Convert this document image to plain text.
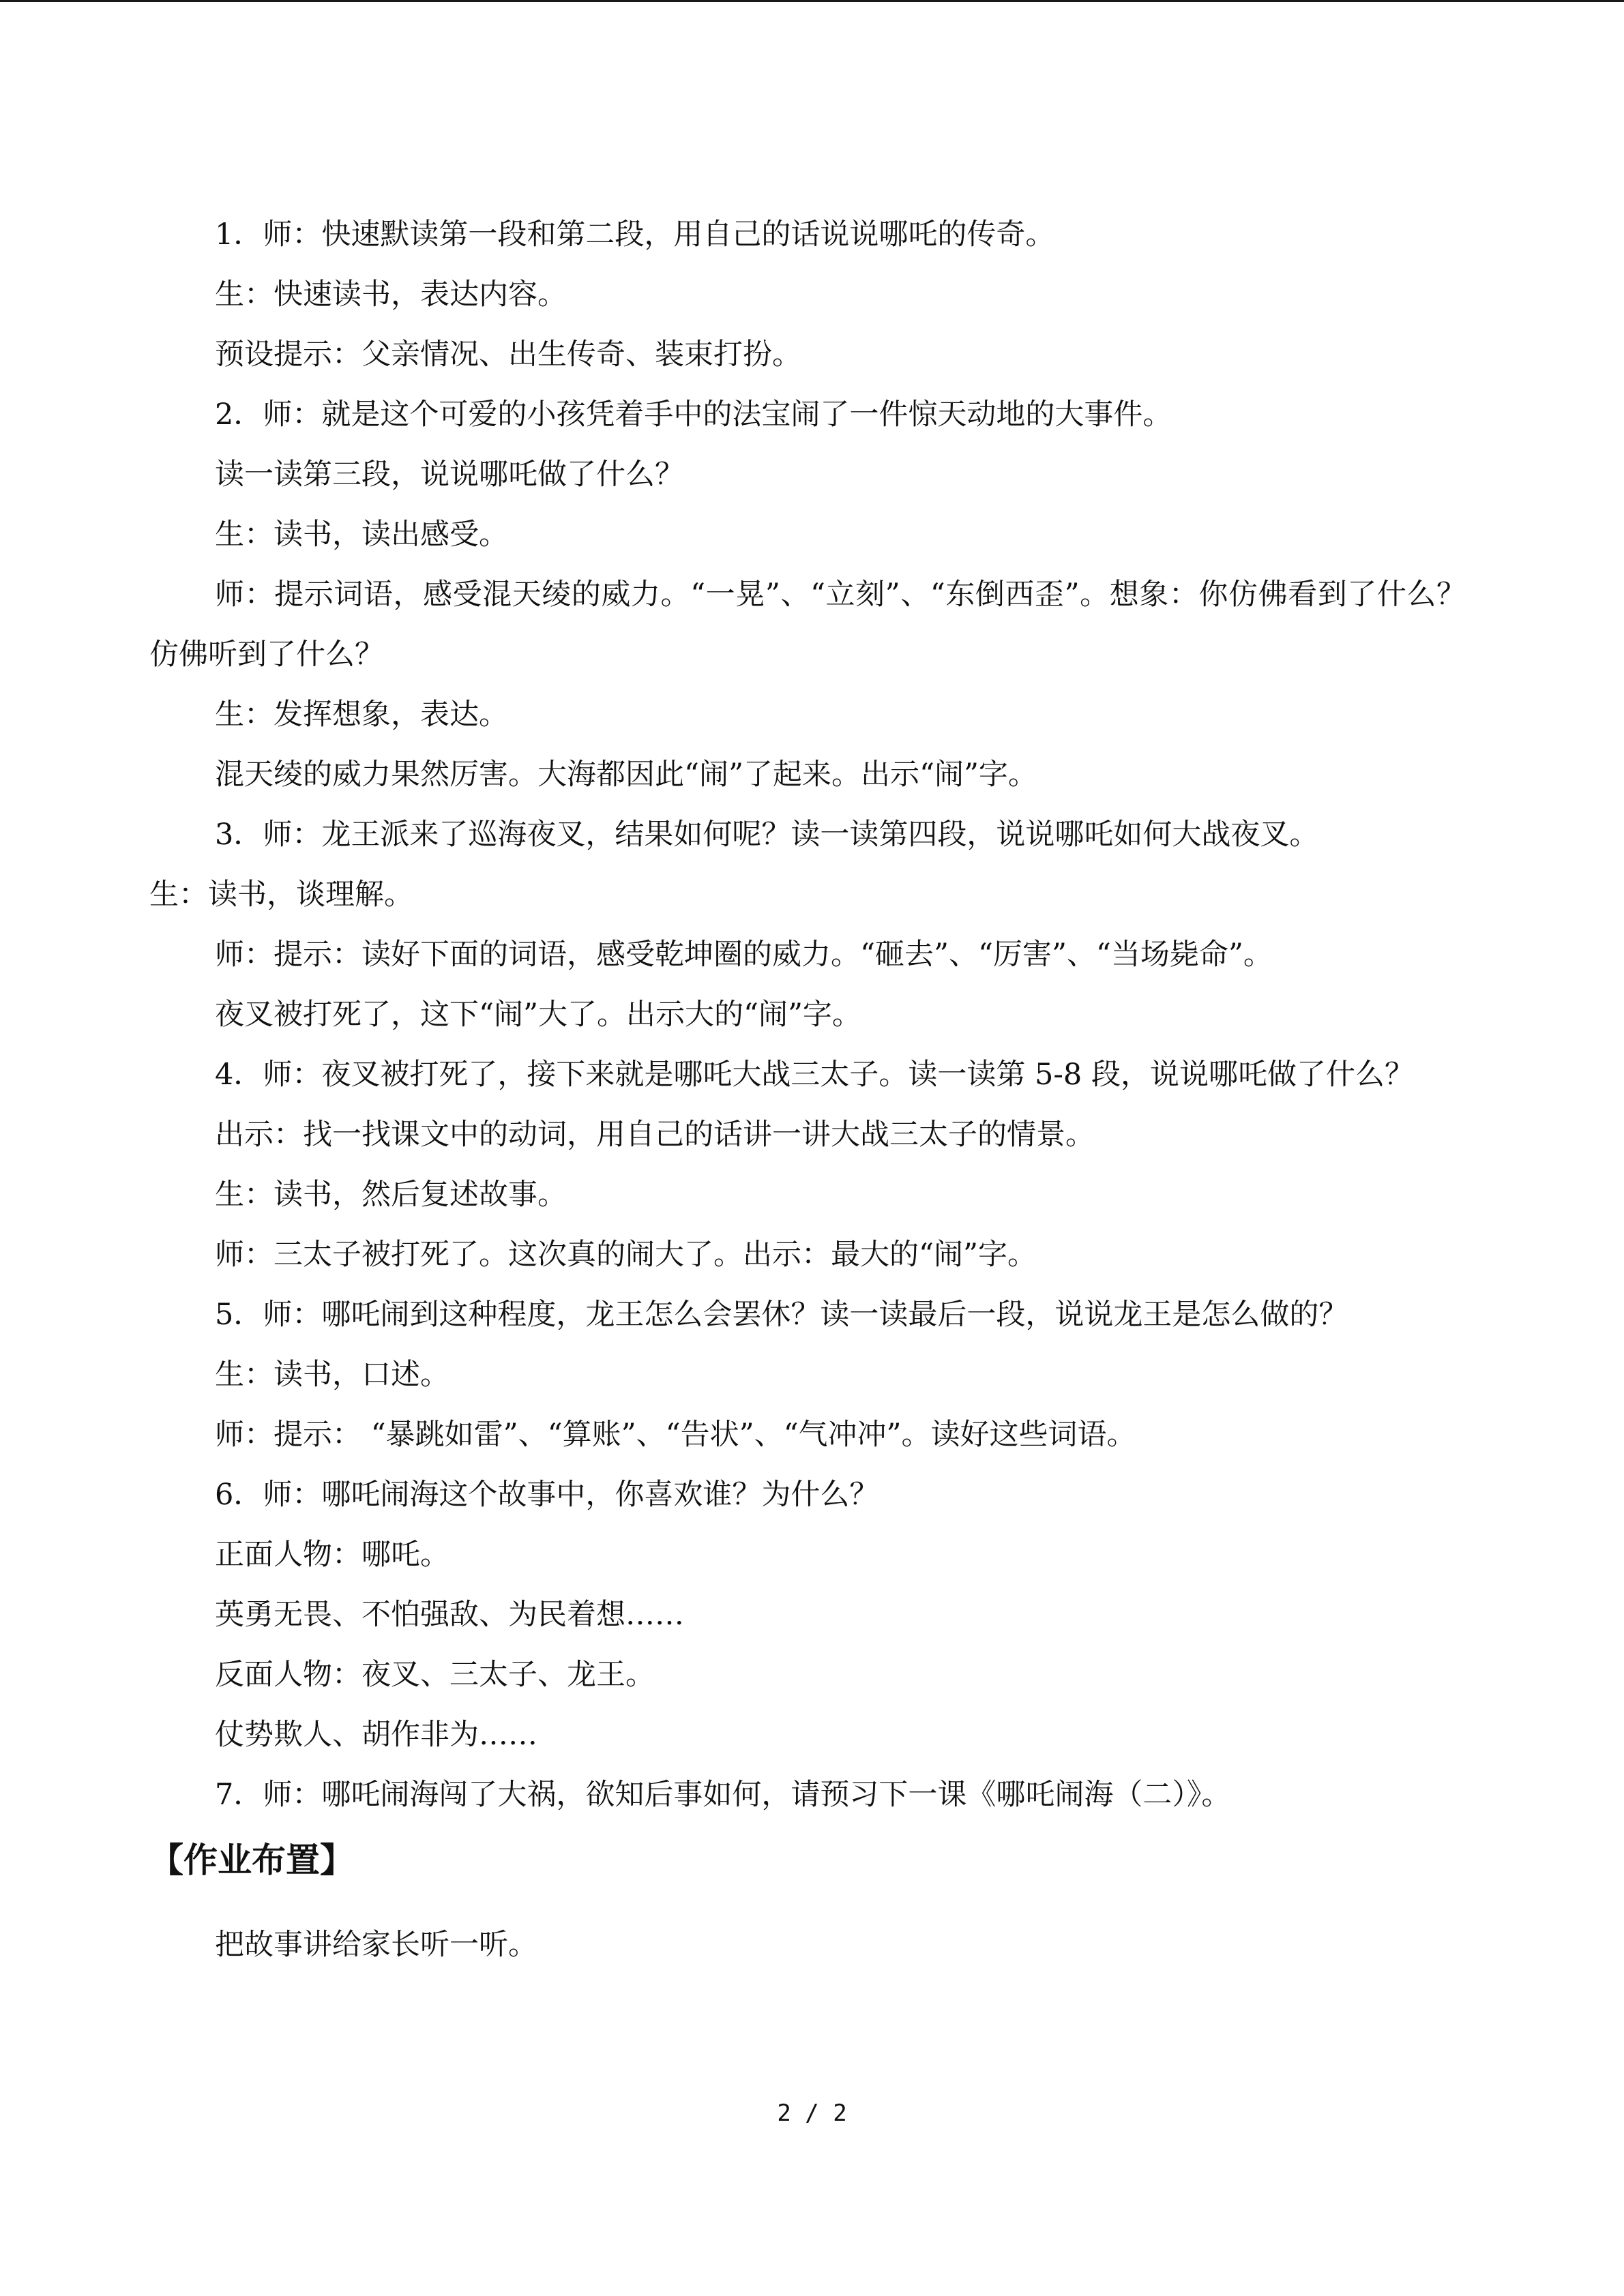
1．师：快速默读第一段和第二段，用自己的话说说哪吒的传奇。

生：快速读书，表达内容。

预设提示：父亲情况、出生传奇、装束打扮。

2．师：就是这个可爱的小孩凭着手中的法宝闹了一件惊天动地的大事件。

读一读第三段，说说哪吒做了什么？

生：读书，读出感受。

师：提示词语，感受混天绫的威力。“一晃”、“立刻”、“东倒西歪”。想象：你仿佛看到了什么？仿佛听到了什么？

生：发挥想象，表达。

混天绫的威力果然厉害。大海都因此“闹”了起来。出示“闹”字。

3．师：龙王派来了巡海夜叉，结果如何呢？读一读第四段，说说哪吒如何大战夜叉。

生：读书，谈理解。

师：提示：读好下面的词语，感受乾坤圈的威力。“砸去”、“厉害”、“当场毙命”。

夜叉被打死了，这下“闹”大了。出示大的“闹”字。

4．师：夜叉被打死了，接下来就是哪吒大战三太子。读一读第 5-8 段，说说哪吒做了什么？

出示：找一找课文中的动词，用自己的话讲一讲大战三太子的情景。

生：读书，然后复述故事。

师：三太子被打死了。这次真的闹大了。出示：最大的“闹”字。

5．师：哪吒闹到这种程度，龙王怎么会罢休？读一读最后一段，说说龙王是怎么做的？

生：读书，口述。

师：提示： “暴跳如雷”、“算账”、“告状”、“气冲冲”。读好这些词语。

6．师：哪吒闹海这个故事中，你喜欢谁？为什么？

正面人物：哪吒。

英勇无畏、不怕强敌、为民着想……

反面人物：夜叉、三太子、龙王。

仗势欺人、胡作非为……

7．师：哪吒闹海闯了大祸，欲知后事如何，请预习下一课《哪吒闹海（二）》。

【作业布置】

把故事讲给家长听一听。

2 / 2
